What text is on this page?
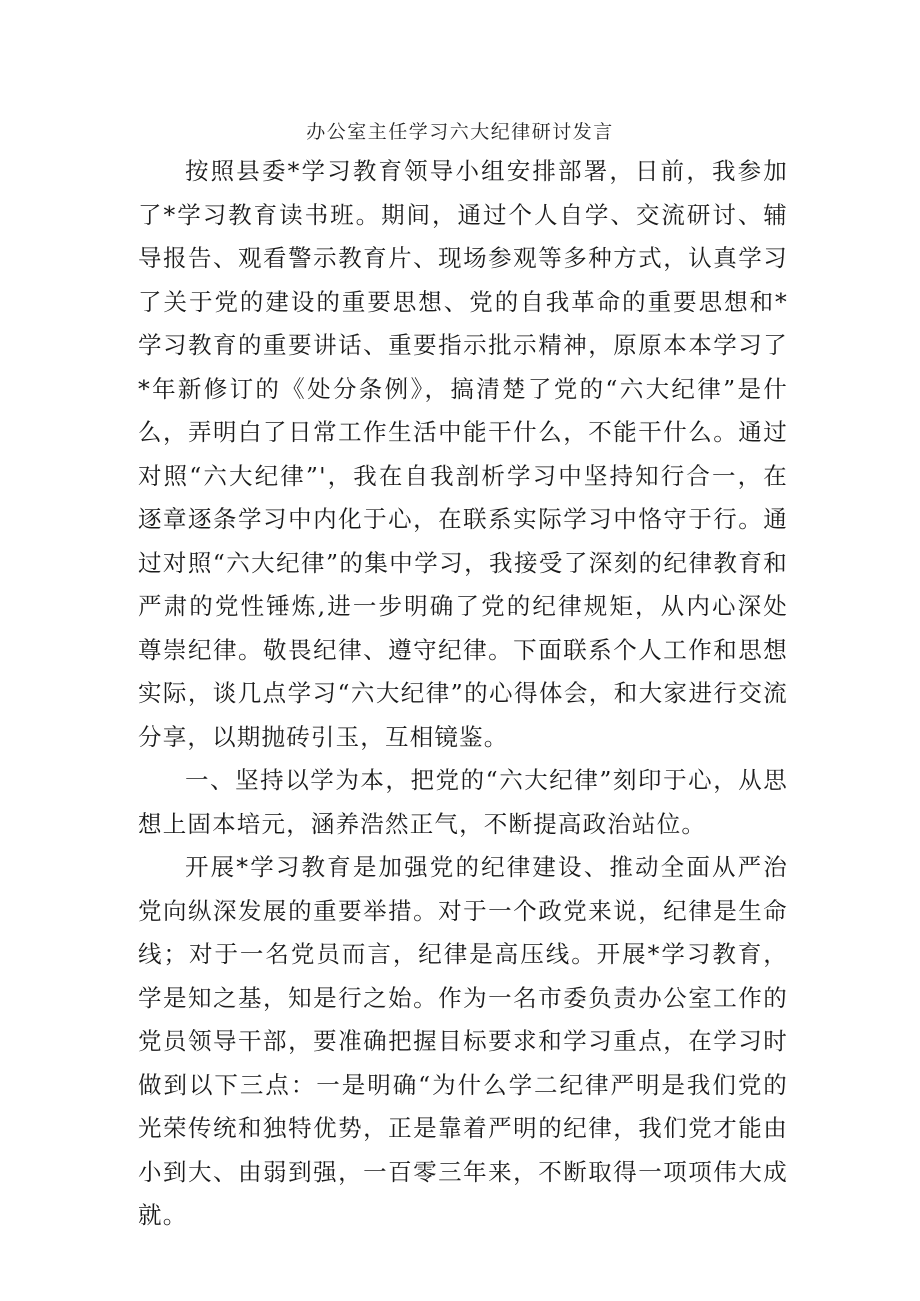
办公室主任学习六大纪律研讨发言

按照县委*学习教育领导小组安排部署，日前，我参加了*学习教育读书班。期间，通过个人自学、交流研讨、辅导报告、观看警示教育片、现场参观等多种方式，认真学习了关于党的建设的重要思想、党的自我革命的重要思想和*学习教育的重要讲话、重要指示批示精神，原原本本学习了*年新修订的《处分条例》，搞清楚了党的“六大纪律”是什么，弄明白了日常工作生活中能干什么，不能干什么。通过对照“六大纪律”'，我在自我剖析学习中坚持知行合一，在逐章逐条学习中内化于心，在联系实际学习中恪守于行。通过对照“六大纪律”的集中学习，我接受了深刻的纪律教育和严肃的党性锤炼,进一步明确了党的纪律规矩，从内心深处尊崇纪律。敬畏纪律、遵守纪律。下面联系个人工作和思想实际，谈几点学习“六大纪律”的心得体会，和大家进行交流分享，以期抛砖引玉，互相镜鉴。

一、坚持以学为本，把党的“六大纪律”刻印于心，从思想上固本培元，涵养浩然正气，不断提高政治站位。

开展*学习教育是加强党的纪律建设、推动全面从严治党向纵深发展的重要举措。对于一个政党来说，纪律是生命线；对于一名党员而言，纪律是高压线。开展*学习教育，学是知之基，知是行之始。作为一名市委负责办公室工作的党员领导干部，要准确把握目标要求和学习重点，在学习时做到以下三点：一是明确“为什么学二纪律严明是我们党的光荣传统和独特优势，正是靠着严明的纪律，我们党才能由小到大、由弱到强，一百零三年来，不断取得一项项伟大成就。
